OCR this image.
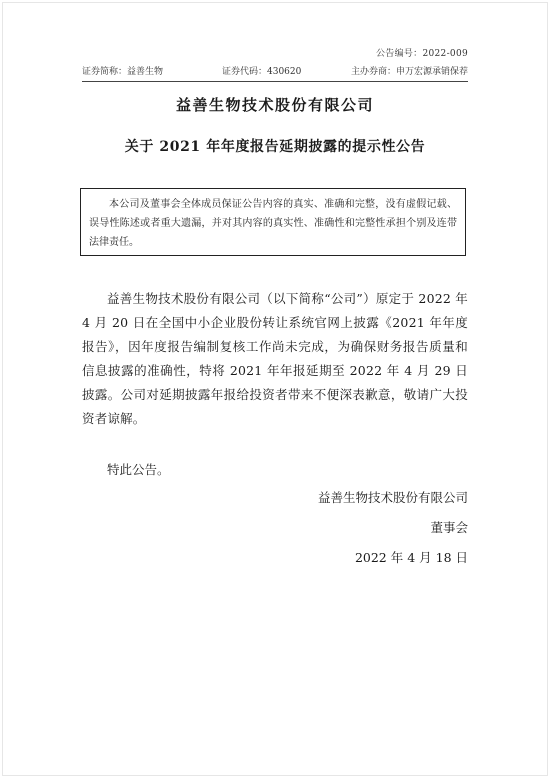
公告编号：2022-009
证券简称：益善生物	证券代码：430620	主办券商：申万宏源承销保荐
益善生物技术股份有限公司
关于 2021 年年度报告延期披露的提示性公告
本公司及董事会全体成员保证公告内容的真实、准确和完整，没有虚假记载、误导性陈述或者重大遗漏，并对其内容的真实性、准确性和完整性承担个别及连带法律责任。

益善生物技术股份有限公司（以下简称“公司”）原定于 2022 年 4 月 20 日在全国中小企业股份转让系统官网上披露《2021 年年度报告》，因年度报告编制复核工作尚未完成，为确保财务报告质量和信息披露的准确性，特将 2021 年年报延期至 2022 年 4 月 29 日披露。公司对延期披露年报给投资者带来不便深表歉意，敬请广大投资者谅解。

特此公告。

益善生物技术股份有限公司
董事会
2022 年 4 月 18 日
